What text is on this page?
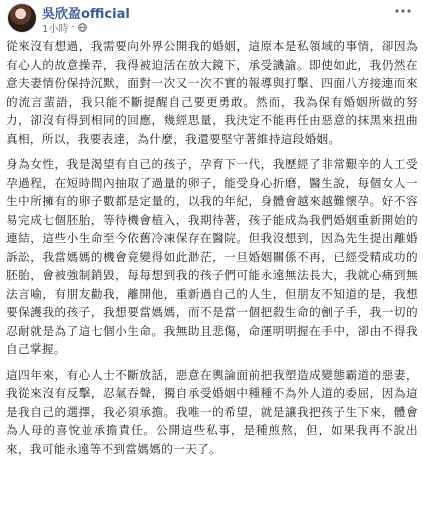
吳欣盈official
1小時 ·

從來沒有想過，我需要向外界公開我的婚姻，這原本是私領域的事情，卻因為有心人的故意操弄，我得被迫活在放大鏡下，承受譏諭。即使如此，我仍然在意夫妻情份保持沉默，面對一次又一次不實的報導與打擊、四面八方接連而來的流言蜚語，我只能不斷提醒自己要更勇敢。然而，我為保有婚姻所做的努力，卻沒有得到相同的回應，幾經思量，我決定不能再任由惡意的抹黑來扭曲真相，所以，我要表達，為什麼，我還要堅守著維持這段婚姻。

身為女性，我是渴望有自己的孩子，孕育下一代，我歷經了非常艱辛的人工受孕過程，在短時間內抽取了過量的卵子，能受身心折磨，醫生說，每個女人一生中所擁有的卵子數都是定量的，以我的年紀，身體會越來越難懷孕。好不容易完成七個胚胎，等待機會植入，我期待著，孩子能成為我們婚姻重新開始的連結，這些小生命至今依舊冷凍保存在醫院。但我沒想到，因為先生提出離婚訴訟，我當媽媽的機會竟變得如此渺茫，一旦婚姻關係不再，已經受精成功的胚胎，會被強制銷毀，每每想到我的孩子們可能永遠無法長大，我就心痛到無法言喻，有朋友勸我，離開他，重新過自己的人生，但朋友不知道的是，我想要保護我的孩子，我想要當媽媽，而不是當一個把殺生命的劊子手，我一切的忍耐就是為了這七個小生命。我無助且悲傷，命運明明握在手中，卻由不得我自己掌握。

這四年來，有心人士不斷放話，惡意在輿論面前把我塑造成變態霸道的惡妻，我從來沒有反擊，忍氣吞聲，獨自承受婚姻中種種不為外人道的委屈，因為這是我自己的選擇，我必須承擔。我唯一的希望，就是讓我把孩子生下來，體會為人母的喜悅並承擔責任。公開這些私事，是種煎熬，但，如果我再不說出來，我可能永遠等不到當媽媽的一天了。
